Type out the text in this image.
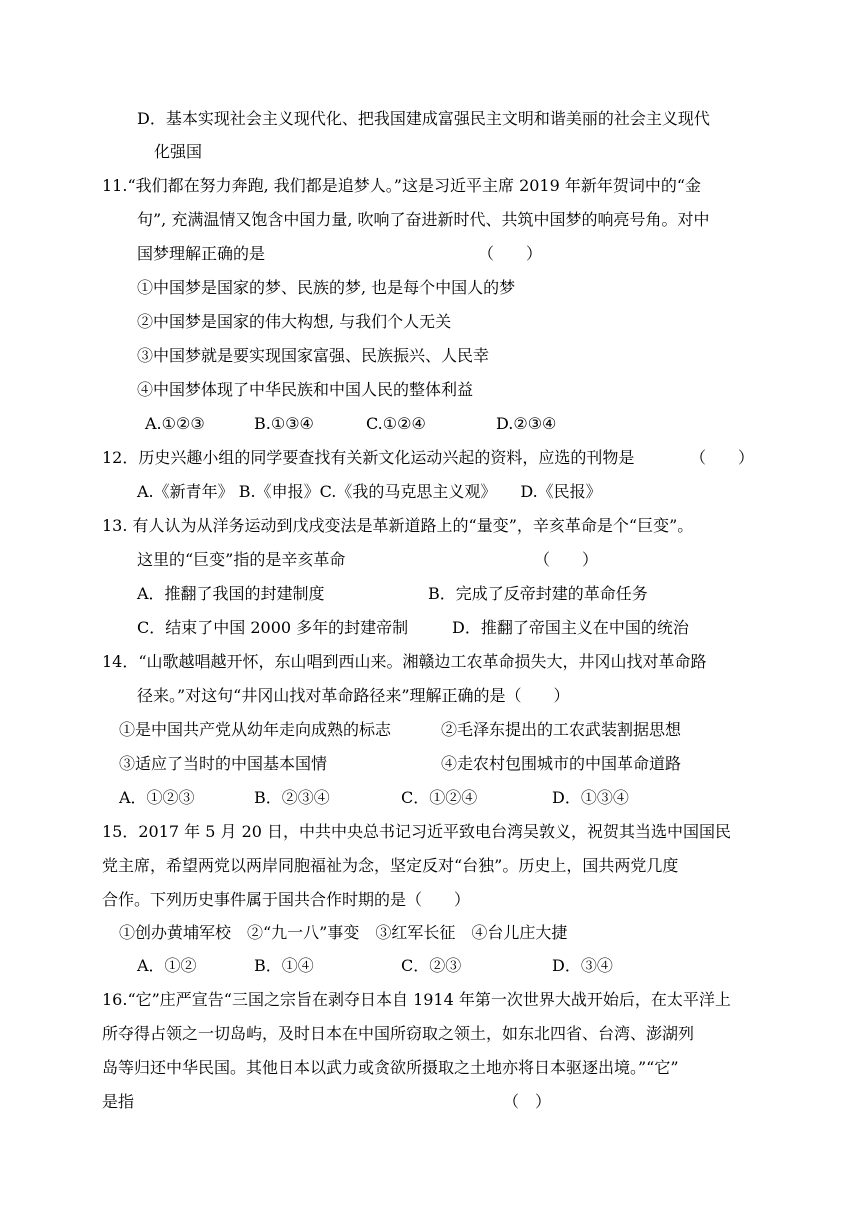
D．基本实现社会主义现代化、把我国建成富强民主文明和谐美丽的社会主义现代
化强国
11.“我们都在努力奔跑, 我们都是追梦人。”这是习近平主席 2019 年新年贺词中的“金
句”, 充满温情又饱含中国力量, 吹响了奋进新时代、共筑中国梦的响亮号角。对中
国梦理解正确的是	（　　）
①中国梦是国家的梦、民族的梦, 也是每个中国人的梦
②中国梦是国家的伟大构想, 与我们个人无关
③中国梦就是要实现国家富强、民族振兴、人民幸
④中国梦体现了中华民族和中国人民的整体利益
A.①②③	B.①③④	C.①②④	D.②③④
12．历史兴趣小组的同学要查找有关新文化运动兴起的资料，应选的刊物是	（　　）
A.《新青年》 B.《申报》C.《我的马克思主义观》　　D.《民报》
13. 有人认为从洋务运动到戊戌变法是革新道路上的“量变”，辛亥革命是个“巨变”。
这里的“巨变”指的是辛亥革命	（　　）
A．推翻了我国的封建制度	B．完成了反帝封建的革命任务
C．结束了中国 2000 多年的封建帝制	D．推翻了帝国主义在中国的统治
14．“山歌越唱越开怀，东山唱到西山来。湘赣边工农革命损失大，井冈山找对革命路
径来。”对这句“井冈山找对革命路径来”理解正确的是（　　）
①是中国共产党从幼年走向成熟的标志	②毛泽东提出的工农武装割据思想
③适应了当时的中国基本国情	④走农村包围城市的中国革命道路
A．①②③	B．②③④	C．①②④	D．①③④
15．2017 年 5 月 20 日，中共中央总书记习近平致电台湾吴敦义，祝贺其当选中国国民
党主席，希望两党以两岸同胞福祉为念，坚定反对“台独”。历史上，国共两党几度
合作。下列历史事件属于国共合作时期的是（　　）
①创办黄埔军校　②“九一八”事变　③红军长征　④台儿庄大捷
A．①②	B．①④	C．②③	D．③④
16.“它”庄严宣告“三国之宗旨在剥夺日本自 1914 年第一次世界大战开始后，在太平洋上
所夺得占领之一切岛屿，及时日本在中国所窃取之领土，如东北四省、台湾、澎湖列
岛等归还中华民国。其他日本以武力或贪欲所摄取之土地亦将日本驱逐出境。”“它”
是指	（　）
